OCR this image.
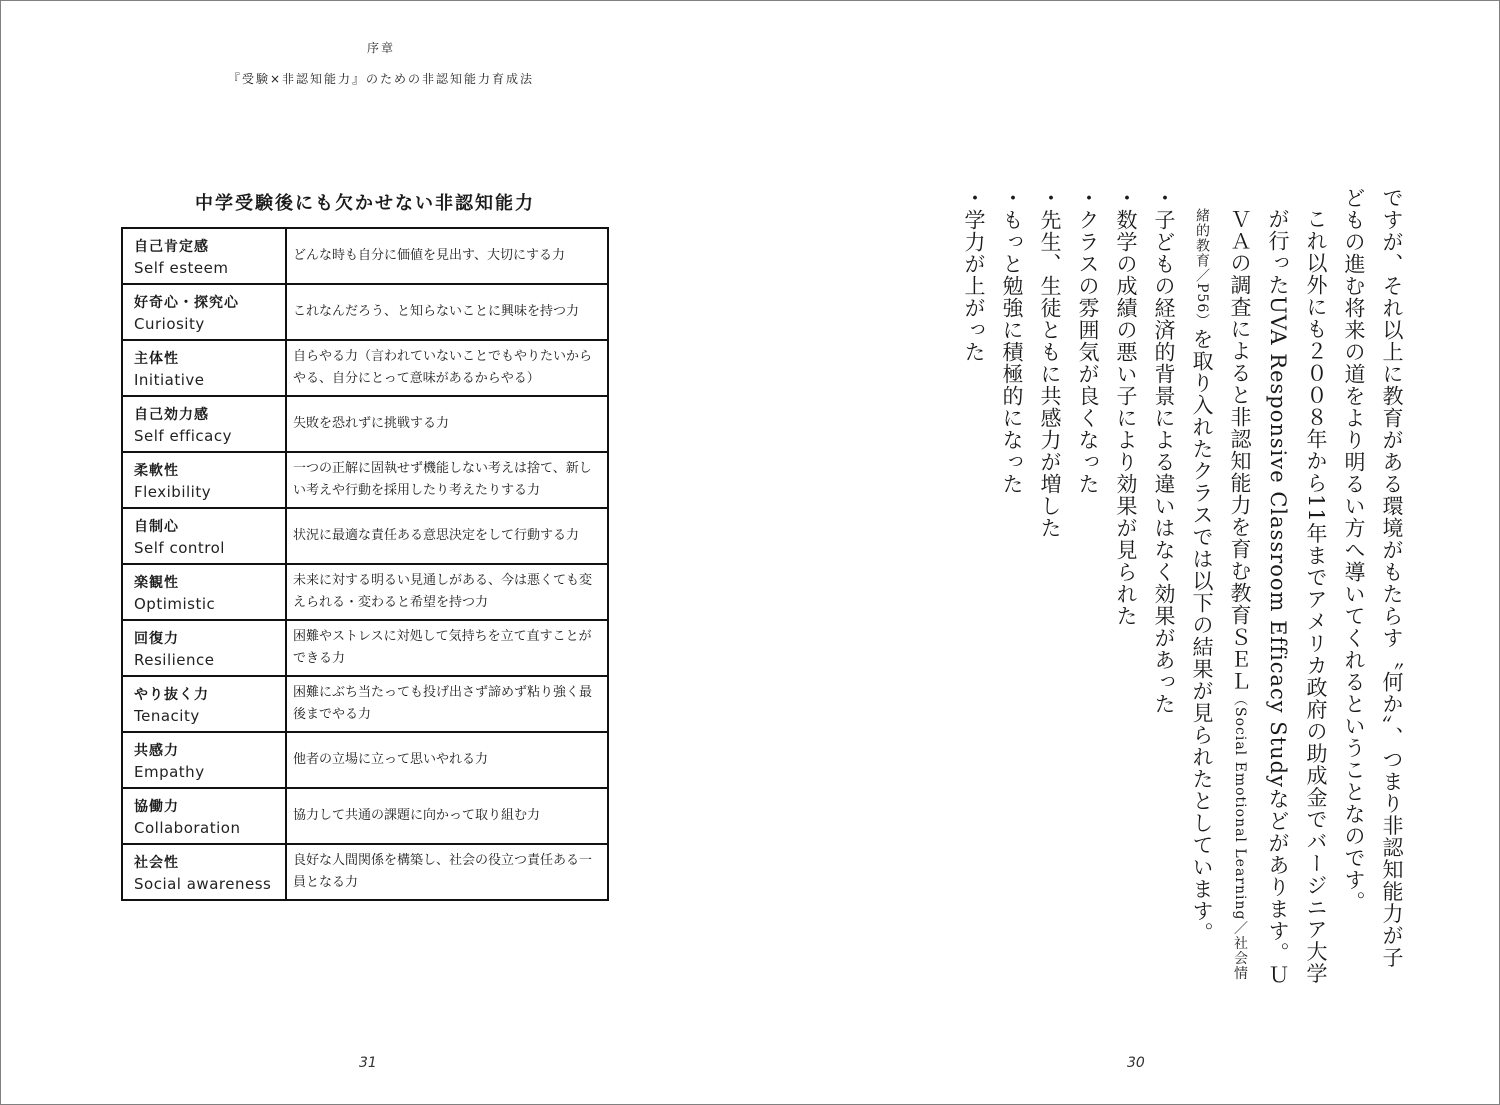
序章
『受験×非認知能力』のための非認知能力育成法
中学受験後にも欠かせない非認知能力
自己肯定感
Self esteem	どんな時も自分に価値を見出す、大切にする力

好奇心・探究心
Curiosity	これなんだろう、と知らないことに興味を持つ力

主体性
Initiative	自らやる力（言われていないことでもやりたいからやる、自分にとって意味があるからやる）

自己効力感
Self efficacy	失敗を恐れずに挑戦する力

柔軟性
Flexibility	一つの正解に固執せず機能しない考えは捨て、新しい考えや行動を採用したり考えたりする力

自制心
Self control	状況に最適な責任ある意思決定をして行動する力

楽観性
Optimistic	未来に対する明るい見通しがある、今は悪くても変えられる・変わると希望を持つ力

回復力
Resilience	困難やストレスに対処して気持ちを立て直すことができる力

やり抜く力
Tenacity	困難にぶち当たっても投げ出さず諦めず粘り強く最後までやる力

共感力
Empathy	他者の立場に立って思いやれる力

協働力
Collaboration	協力して共通の課題に向かって取り組む力

社会性
Social awareness	良好な人間関係を構築し、社会の役立つ責任ある一員となる力
31	30

ですが、それ以上に教育がある環境がもたらす〝何か〟、つまり非認知能力が子どもの進む将来の道をより明るい方へ導いてくれるということなのです。

これ以外にも２００８年から11年までアメリカ政府の助成金でバージニア大学が行ったUVA Responsive Classroom Efficacy Studyなどがあります。ＵＶＡの調査によると非認知能力を育む教育ＳＥＬ（Social Emotional Learning／社会情緒的教育／P56）を取り入れたクラスでは以下の結果が見られたとしています。

・子どもの経済的背景による違いはなく効果があった

・数学の成績の悪い子により効果が見られた

・クラスの雰囲気が良くなった

・先生、生徒ともに共感力が増した

・もっと勉強に積極的になった

・学力が上がった
